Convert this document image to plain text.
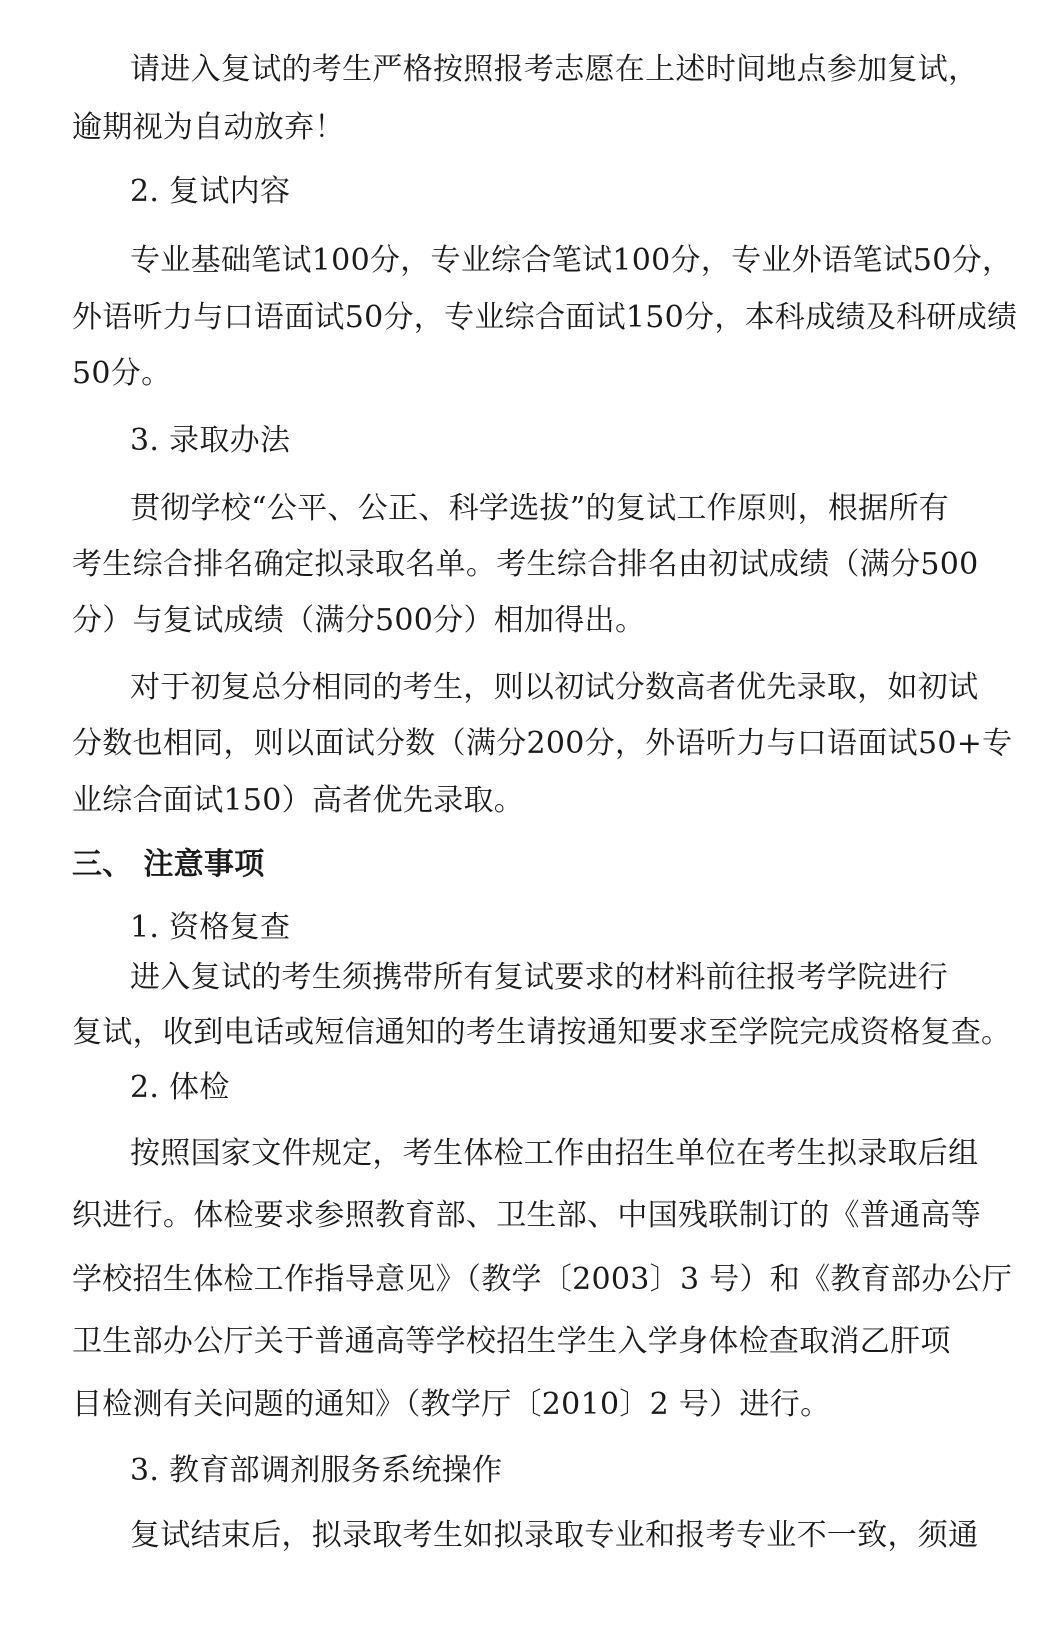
请进入复试的考生严格按照报考志愿在上述时间地点参加复试，
逾期视为自动放弃！
2. 复试内容
专业基础笔试100分，专业综合笔试100分，专业外语笔试50分，
外语听力与口语面试50分，专业综合面试150分，本科成绩及科研成绩
50分。
3. 录取办法
贯彻学校“公平、公正、科学选拔”的复试工作原则，根据所有
考生综合排名确定拟录取名单。考生综合排名由初试成绩（满分500
分）与复试成绩（满分500分）相加得出。
对于初复总分相同的考生，则以初试分数高者优先录取，如初试
分数也相同，则以面试分数（满分200分，外语听力与口语面试50+专
业综合面试150）高者优先录取。
三、 注意事项
1. 资格复查
进入复试的考生须携带所有复试要求的材料前往报考学院进行
复试，收到电话或短信通知的考生请按通知要求至学院完成资格复查。
2. 体检
按照国家文件规定，考生体检工作由招生单位在考生拟录取后组
织进行。体检要求参照教育部、卫生部、中国残联制订的《普通高等
学校招生体检工作指导意见》（教学〔2003〕3 号）和《教育部办公厅
卫生部办公厅关于普通高等学校招生学生入学身体检查取消乙肝项
目检测有关问题的通知》（教学厅〔2010〕2 号）进行。
3. 教育部调剂服务系统操作
复试结束后，拟录取考生如拟录取专业和报考专业不一致，须通
